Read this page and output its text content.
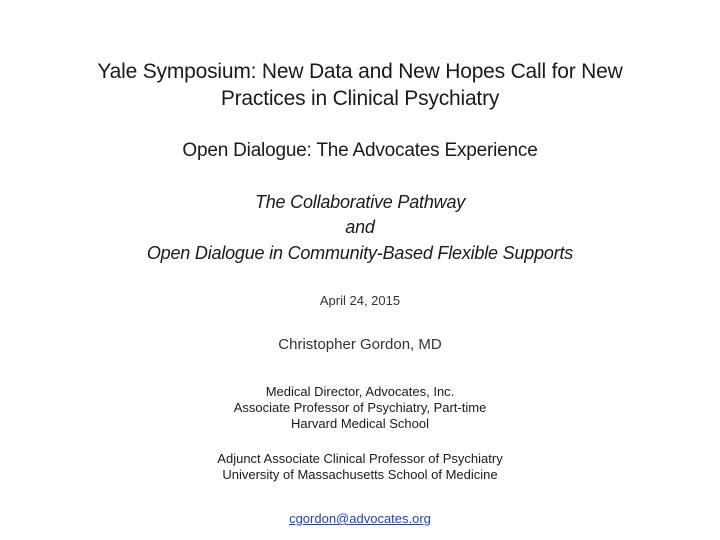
Yale Symposium: New Data and New Hopes Call for New
Practices in Clinical Psychiatry
Open Dialogue: The Advocates Experience
The Collaborative Pathway
and
Open Dialogue in Community-Based Flexible Supports
April 24, 2015
Christopher Gordon, MD
Medical Director, Advocates, Inc.
Associate Professor of Psychiatry, Part-time
Harvard Medical School
Adjunct Associate Clinical Professor of Psychiatry
University of Massachusetts School of Medicine
cgordon@advocates.org
